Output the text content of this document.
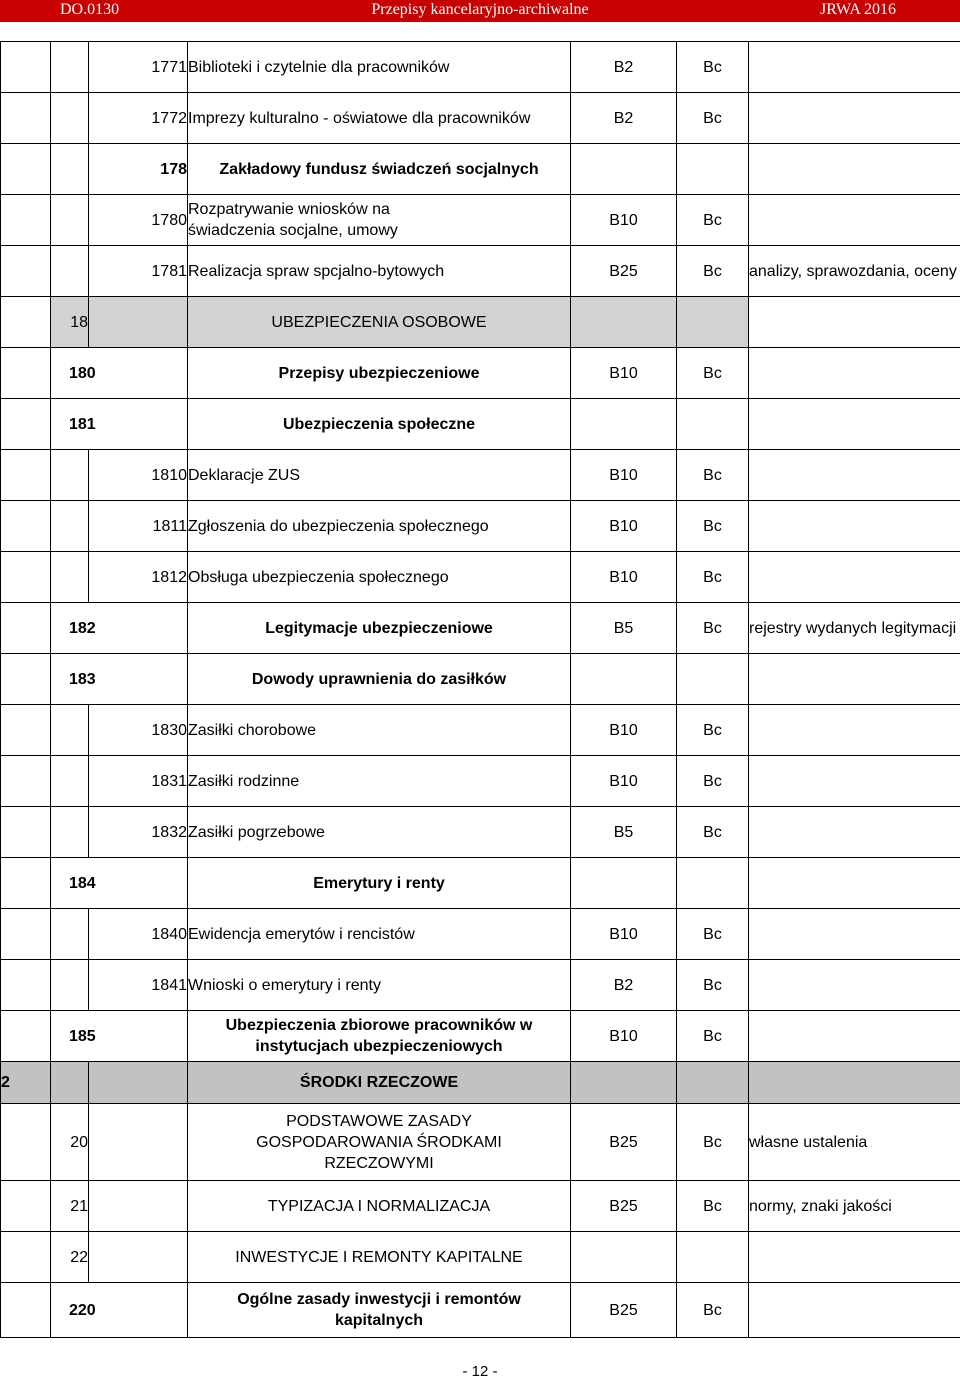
DO.0130	Przepisy kancelaryjno-archiwalne	JRWA 2016
		1771	Biblioteki i czytelnie dla pracowników	B2	Bc	

		1772	Imprezy kulturalno - oświatowe dla pracowników	B2	Bc	

		178	Zakładowy fundusz świadczeń socjalnych		

		1780	Rozpatrywanie wniosków na świadczenia socjalne, umowy	B10	Bc	

		1781	Realizacja spraw spcjalno-bytowych	B25	Bc	analizy, sprawozdania, oceny
	18		UBEZPIECZENIA OSOBOWE		

	180		Przepisy ubezpieczeniowe	B10	Bc	

	181		Ubezpieczenia społeczne		

		1810	Deklaracje ZUS	B10	Bc	

		1811	Zgłoszenia do ubezpieczenia społecznego	B10	Bc	

		1812	Obsługa ubezpieczenia społecznego	B10	Bc	

	182		Legitymacje ubezpieczeniowe	B5	Bc	rejestry wydanych legitymacji
	183		Dowody uprawnienia do zasiłków		

		1830	Zasiłki chorobowe	B10	Bc	

		1831	Zasiłki rodzinne	B10	Bc	

		1832	Zasiłki pogrzebowe	B5	Bc	

	184		Emerytury i renty		

		1840	Ewidencja emerytów i rencistów	B10	Bc	

		1841	Wnioski o emerytury i renty	B2	Bc	

	185		Ubezpieczenia zbiorowe pracowników w instytucjach ubezpieczeniowych	B10	Bc	

2			ŚRODKI RZECZOWE		

	20		PODSTAWOWE ZASADY GOSPODAROWANIA ŚRODKAMI RZECZOWYMI	B25	Bc	własne ustalenia
	21		TYPIZACJA I NORMALIZACJA	B25	Bc	normy, znaki jakości
	22		INWESTYCJE I REMONTY KAPITALNE		

	220		Ogólne zasady inwestycji i remontów kapitalnych	B25	Bc	

- 12 -
